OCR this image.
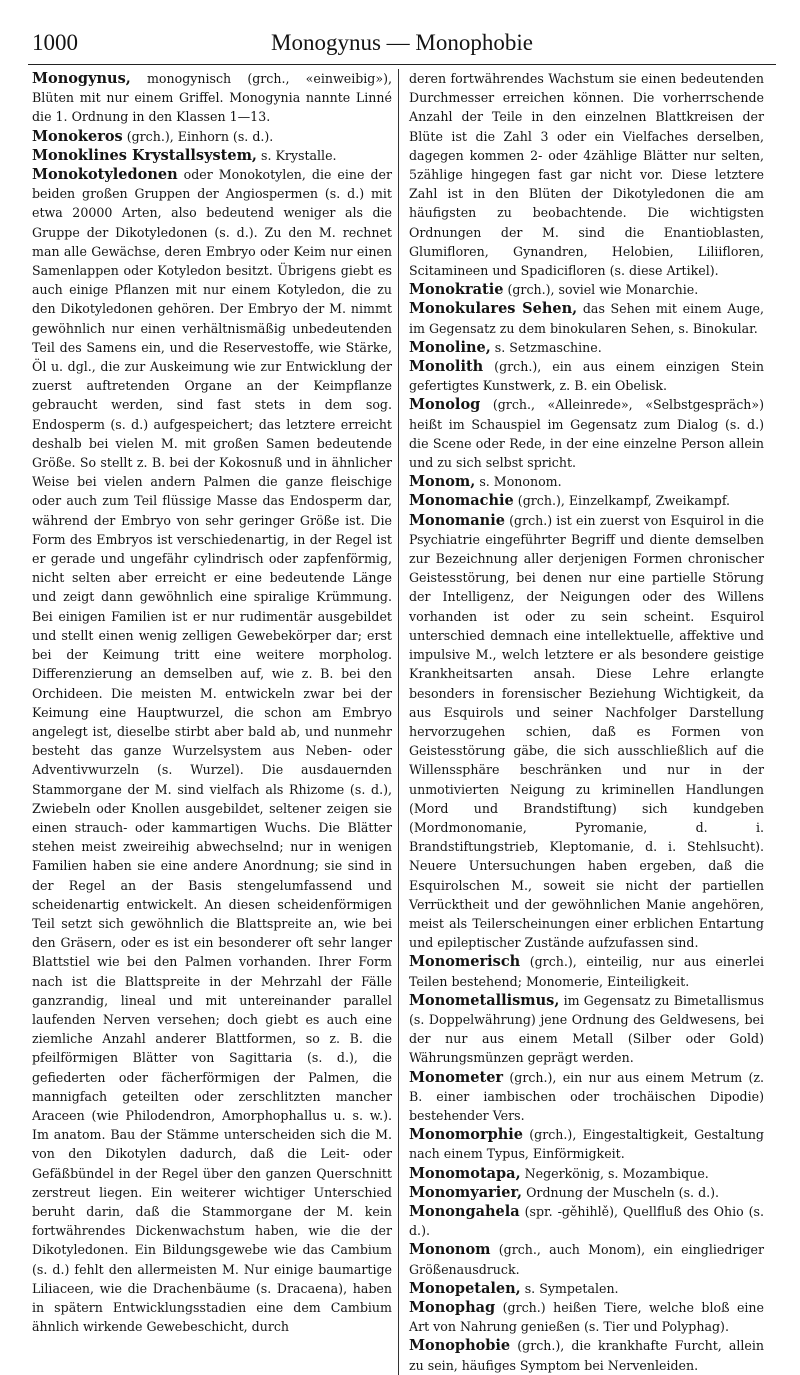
1000	Monogynus — Monophobie

Monogynus, monogynisch (grch., «einweibig»), Blüten mit nur einem Griffel. Monogynia nannte Linné die 1. Ordnung in den Klassen 1—13.

Monokeros (grch.), Einhorn (s. d.).

Monoklines Krystallsystem, s. Krystalle.

Monokotyledonen oder Monokotylen, die eine der beiden großen Gruppen der Angiospermen (s. d.) mit etwa 20000 Arten, also bedeutend weniger als die Gruppe der Dikotyledonen (s. d.). Zu den M. rechnet man alle Gewächse, deren Embryo oder Keim nur einen Samenlappen oder Kotyledon besitzt. Übrigens giebt es auch einige Pflanzen mit nur einem Kotyledon, die zu den Dikotyledonen gehören. Der Embryo der M. nimmt gewöhnlich nur einen verhältnismäßig unbedeutenden Teil des Samens ein, und die Reservestoffe, wie Stärke, Öl u. dgl., die zur Auskeimung wie zur Entwicklung der zuerst auftretenden Organe an der Keimpflanze gebraucht werden, sind fast stets in dem sog. Endosperm (s. d.) aufgespeichert; das letztere erreicht deshalb bei vielen M. mit großen Samen bedeutende Größe. So stellt z. B. bei der Kokosnuß und in ähnlicher Weise bei vielen andern Palmen die ganze fleischige oder auch zum Teil flüssige Masse das Endosperm dar, während der Embryo von sehr geringer Größe ist. Die Form des Embryos ist verschiedenartig, in der Regel ist er gerade und ungefähr cylindrisch oder zapfenförmig, nicht selten aber erreicht er eine bedeutende Länge und zeigt dann gewöhnlich eine spiralige Krümmung. Bei einigen Familien ist er nur rudimentär ausgebildet und stellt einen wenig zelligen Gewebekörper dar; erst bei der Keimung tritt eine weitere morpholog. Differenzierung an demselben auf, wie z. B. bei den Orchideen. Die meisten M. entwickeln zwar bei der Keimung eine Hauptwurzel, die schon am Embryo angelegt ist, dieselbe stirbt aber bald ab, und nunmehr besteht das ganze Wurzelsystem aus Neben- oder Adventivwurzeln (s. Wurzel). Die ausdauernden Stammorgane der M. sind vielfach als Rhizome (s. d.), Zwiebeln oder Knollen ausgebildet, seltener zeigen sie einen strauch- oder kammartigen Wuchs. Die Blätter stehen meist zweireihig abwechselnd; nur in wenigen Familien haben sie eine andere Anordnung; sie sind in der Regel an der Basis stengelumfassend und scheidenartig entwickelt. An diesen scheidenförmigen Teil setzt sich gewöhnlich die Blattspreite an, wie bei den Gräsern, oder es ist ein besonderer oft sehr langer Blattstiel wie bei den Palmen vorhanden. Ihrer Form nach ist die Blattspreite in der Mehrzahl der Fälle ganzrandig, lineal und mit untereinander parallel laufenden Nerven versehen; doch giebt es auch eine ziemliche Anzahl anderer Blattformen, so z. B. die pfeilförmigen Blätter von Sagittaria (s. d.), die gefiederten oder fächerförmigen der Palmen, die mannigfach geteilten oder zerschlitzten mancher Araceen (wie Philodendron, Amorphophallus u. s. w.). Im anatom. Bau der Stämme unterscheiden sich die M. von den Dikotylen dadurch, daß die Leit- oder Gefäßbündel in der Regel über den ganzen Querschnitt zerstreut liegen. Ein weiterer wichtiger Unterschied beruht darin, daß die Stammorgane der M. kein fortwährendes Dickenwachstum haben, wie die der Dikotyledonen. Ein Bildungsgewebe wie das Cambium (s. d.) fehlt den allermeisten M. Nur einige baumartige Liliaceen, wie die Drachenbäume (s. Dracaena), haben in spätern Entwicklungsstadien eine dem Cambium ähnlich wirkende Gewebeschicht, durch

deren fortwährendes Wachstum sie einen bedeutenden Durchmesser erreichen können. Die vorherrschende Anzahl der Teile in den einzelnen Blattkreisen der Blüte ist die Zahl 3 oder ein Vielfaches derselben, dagegen kommen 2- oder 4zählige Blätter nur selten, 5zählige hingegen fast gar nicht vor. Diese letztere Zahl ist in den Blüten der Dikotyledonen die am häufigsten zu beobachtende. Die wichtigsten Ordnungen der M. sind die Enantioblasten, Glumifloren, Gynandren, Helobien, Liliifloren, Scitamineen und Spadicifloren (s. diese Artikel).

Monokratie (grch.), soviel wie Monarchie.

Monokulares Sehen, das Sehen mit einem Auge, im Gegensatz zu dem binokularen Sehen, s. Binokular.

Monoline, s. Setzmaschine.

Monolith (grch.), ein aus einem einzigen Stein gefertigtes Kunstwerk, z. B. ein Obelisk.

Monolog (grch., «Alleinrede», «Selbstgespräch») heißt im Schauspiel im Gegensatz zum Dialog (s. d.) die Scene oder Rede, in der eine einzelne Person allein und zu sich selbst spricht.

Monom, s. Mononom.

Monomachie (grch.), Einzelkampf, Zweikampf.

Monomanie (grch.) ist ein zuerst von Esquirol in die Psychiatrie eingeführter Begriff und diente demselben zur Bezeichnung aller derjenigen Formen chronischer Geistesstörung, bei denen nur eine partielle Störung der Intelligenz, der Neigungen oder des Willens vorhanden ist oder zu sein scheint. Esquirol unterschied demnach eine intellektuelle, affektive und impulsive M., welch letztere er als besondere geistige Krankheitsarten ansah. Diese Lehre erlangte besonders in forensischer Beziehung Wichtigkeit, da aus Esquirols und seiner Nachfolger Darstellung hervorzugehen schien, daß es Formen von Geistesstörung gäbe, die sich ausschließlich auf die Willenssphäre beschränken und nur in der unmotivierten Neigung zu kriminellen Handlungen (Mord und Brandstiftung) sich kundgeben (Mordmonomanie, Pyromanie, d. i. Brandstiftungstrieb, Kleptomanie, d. i. Stehlsucht). Neuere Untersuchungen haben ergeben, daß die Esquirolschen M., soweit sie nicht der partiellen Verrücktheit und der gewöhnlichen Manie angehören, meist als Teilerscheinungen einer erblichen Entartung und epileptischer Zustände aufzufassen sind.

Monomerisch (grch.), einteilig, nur aus einerlei Teilen bestehend; Monomerie, Einteiligkeit.

Monometallismus, im Gegensatz zu Bimetallismus (s. Doppelwährung) jene Ordnung des Geldwesens, bei der nur aus einem Metall (Silber oder Gold) Währungsmünzen geprägt werden.

Monometer (grch.), ein nur aus einem Metrum (z. B. einer iambischen oder trochäischen Dipodie) bestehender Vers.

Monomorphie (grch.), Eingestaltigkeit, Gestaltung nach einem Typus, Einförmigkeit.

Monomotapa, Negerkönig, s. Mozambique.

Monomyarier, Ordnung der Muscheln (s. d.).

Monongahela (spr. -gěhihlě), Quellfluß des Ohio (s. d.).

Mononom (grch., auch Monom), ein eingliedriger Größenausdruck.

Monopetalen, s. Sympetalen.

Monophag (grch.) heißen Tiere, welche bloß eine Art von Nahrung genießen (s. Tier und Polyphag).

Monophobie (grch.), die krankhafte Furcht, allein zu sein, häufiges Symptom bei Nervenleiden.
